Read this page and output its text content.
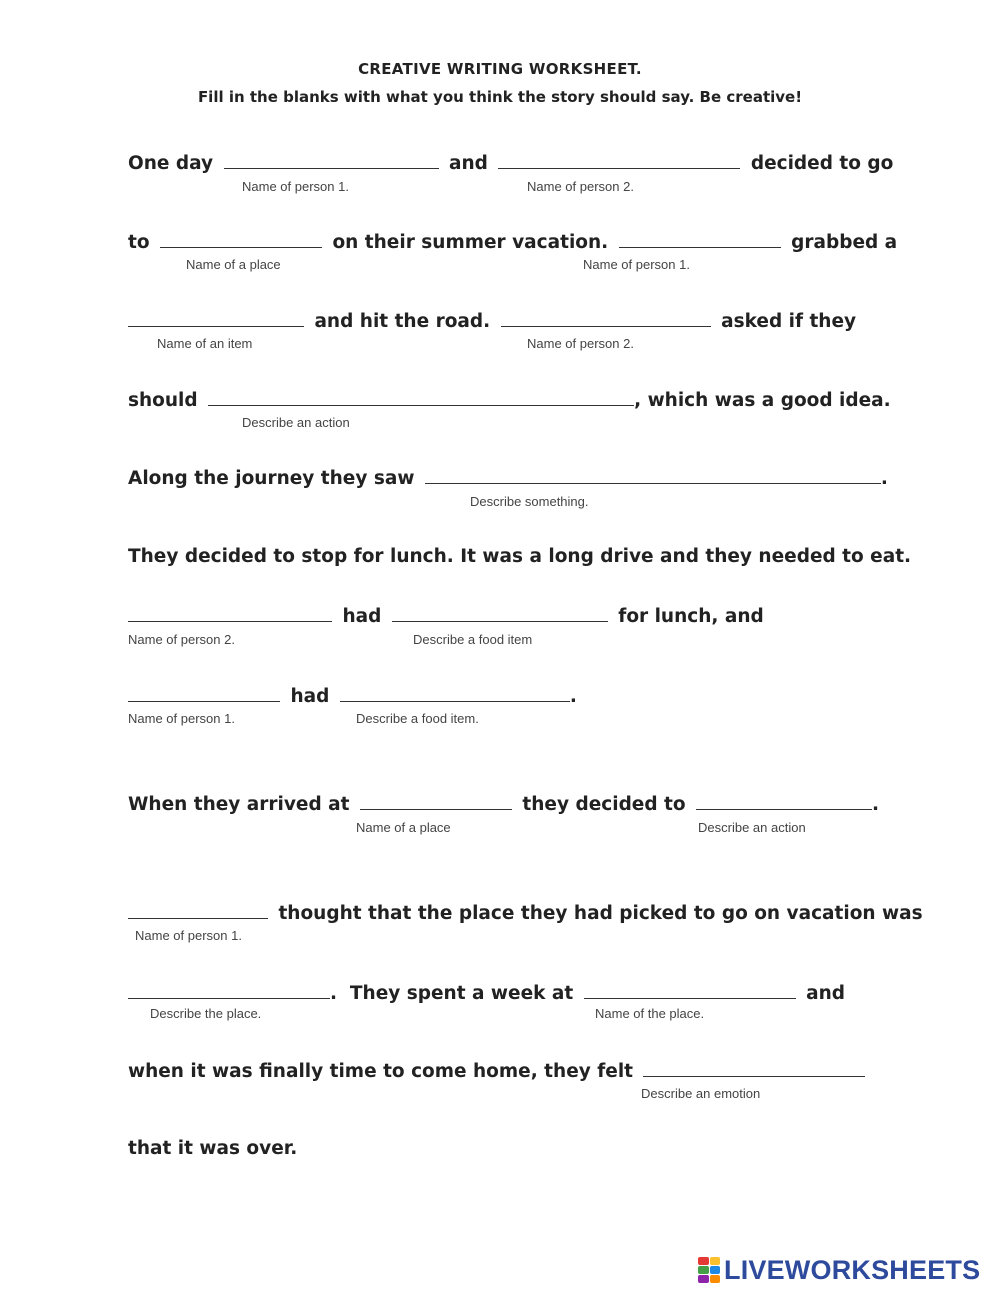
CREATIVE WRITING WORKSHEET.
Fill in the blanks with what you think the story should say. Be creative!
One day	and	decided to go
Name of person 1.	Name of person 2.
to	on their summer vacation.	grabbed a
Name of a place	Name of person 1.
and hit the road.	asked if they
Name of an item	Name of person 2.
should	, which was a good idea.
Describe an action
Along the journey they saw	.
Describe something.
They decided to stop for lunch. It was a long drive and they needed to eat.
had	for lunch, and
Name of person 2.	Describe a food item
had	.
Name of person 1.	Describe a food item.
When they arrived at	they decided to	.
Name of a place	Describe an action
thought that the place they had picked to go on vacation was
Name of person 1.
.  They spent a week at	and
Describe the place.	Name of the place.
when it was finally time to come home, they felt
Describe an emotion
that it was over.
LIVEWORKSHEETS
